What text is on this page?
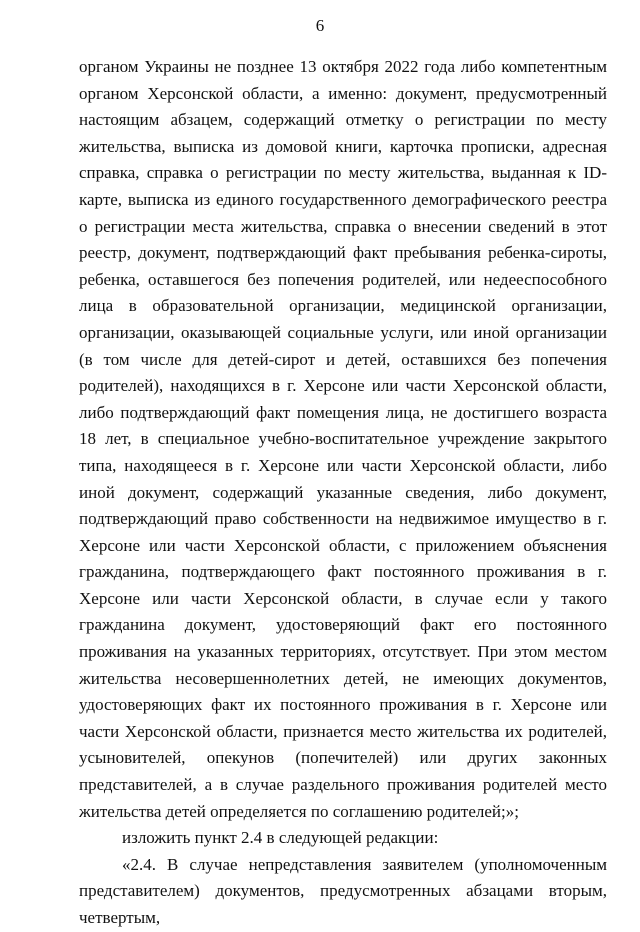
6

органом Украины не позднее 13 октября 2022 года либо компетентным органом Херсонской области, а именно: документ, предусмотренный настоящим абзацем, содержащий отметку о регистрации по месту жительства, выписка из домовой книги, карточка прописки, адресная справка, справка о регистрации по месту жительства, выданная к ID-карте, выписка из единого государственного демографического реестра о регистрации места жительства, справка о внесении сведений в этот реестр, документ, подтверждающий факт пребывания ребенка-сироты, ребенка, оставшегося без попечения родителей, или недееспособного лица в образовательной организации, медицинской организации, организации, оказывающей социальные услуги, или иной организации (в том числе для детей-сирот и детей, оставшихся без попечения родителей), находящихся в г. Херсоне или части Херсонской области, либо подтверждающий факт помещения лица, не достигшего возраста 18 лет, в специальное учебно-воспитательное учреждение закрытого типа, находящееся в г. Херсоне или части Херсонской области, либо иной документ, содержащий указанные сведения, либо документ, подтверждающий право собственности на недвижимое имущество в г. Херсоне или части Херсонской области, с приложением объяснения гражданина, подтверждающего факт постоянного проживания в г. Херсоне или части Херсонской области, в случае если у такого гражданина документ, удостоверяющий факт его постоянного проживания на указанных территориях, отсутствует. При этом местом жительства несовершеннолетних детей, не имеющих документов, удостоверяющих факт их постоянного проживания в г. Херсоне или части Херсонской области, признается место жительства их родителей, усыновителей, опекунов (попечителей) или других законных представителей, а в случае раздельного проживания родителей место жительства детей определяется по соглашению родителей;»;

изложить пункт 2.4 в следующей редакции:

«2.4. В случае непредставления заявителем (уполномоченным представителем) документов, предусмотренных абзацами вторым, четвертым,
